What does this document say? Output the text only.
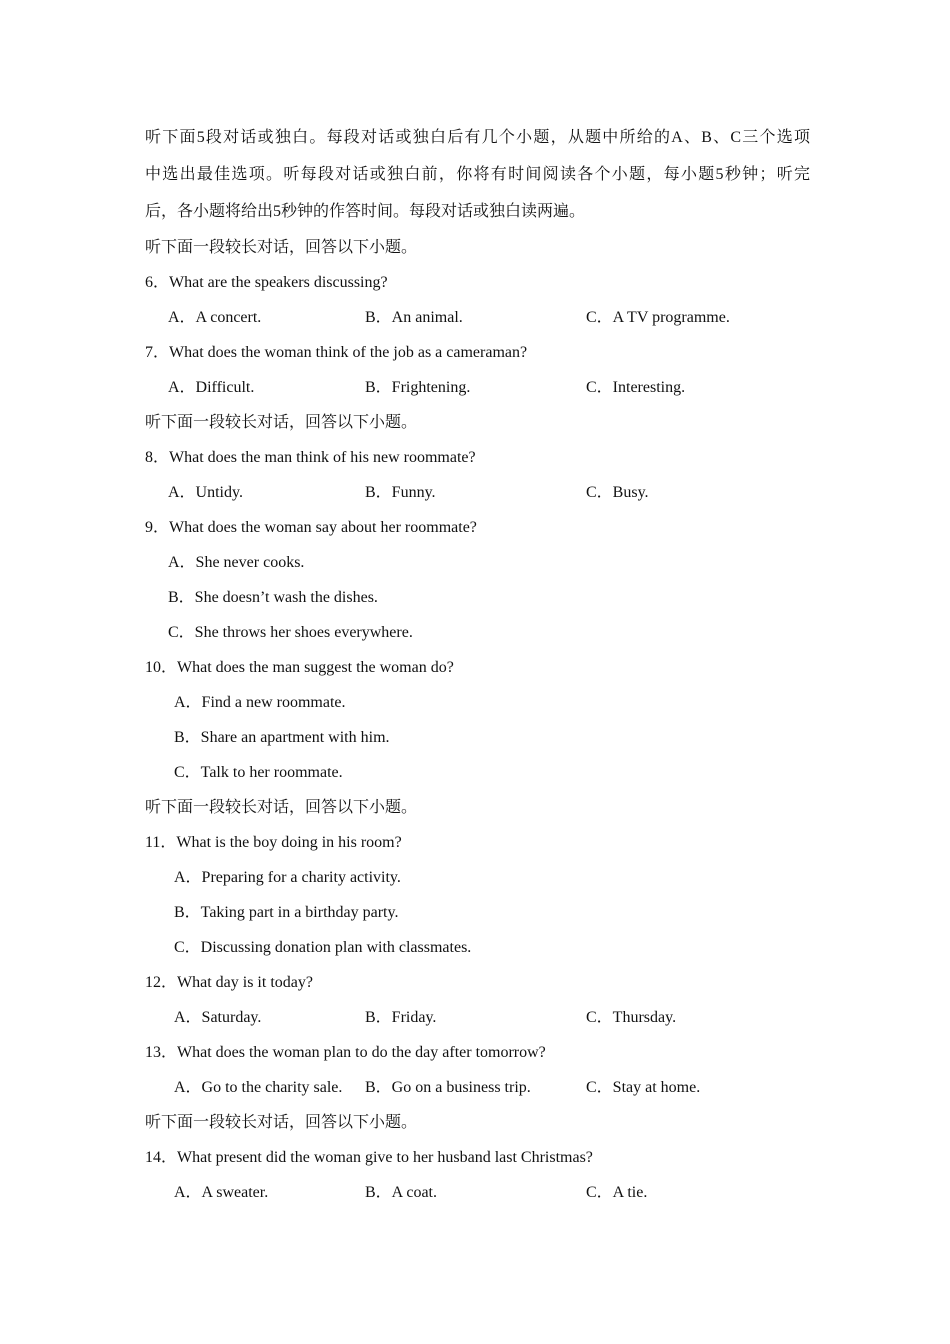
听下面5段对话或独白。每段对话或独白后有几个小题，从题中所给的A、B、C三个选项
中选出最佳选项。听每段对话或独白前，你将有时间阅读各个小题，每小题5秒钟；听完
后，各小题将给出5秒钟的作答时间。每段对话或独白读两遍。
听下面一段较长对话，回答以下小题。
6．What are the speakers discussing?
A．A concert.	B．An animal.	C．A TV programme.
7．What does the woman think of the job as a cameraman?
A．Difficult.	B．Frightening.	C．Interesting.
听下面一段较长对话，回答以下小题。
8．What does the man think of his new roommate?
A．Untidy.	B．Funny.	C．Busy.
9．What does the woman say about her roommate?
A．She never cooks.
B．She doesn’t wash the dishes.
C．She throws her shoes everywhere.
10．What does the man suggest the woman do?
A．Find a new roommate.
B．Share an apartment with him.
C．Talk to her roommate.
听下面一段较长对话，回答以下小题。
11．What is the boy doing in his room?
A．Preparing for a charity activity.
B．Taking part in a birthday party.
C．Discussing donation plan with classmates.
12．What day is it today?
A．Saturday.	B．Friday.	C．Thursday.
13．What does the woman plan to do the day after tomorrow?
A．Go to the charity sale. B．Go on a business trip.	C．Stay at home.
听下面一段较长对话，回答以下小题。
14．What present did the woman give to her husband last Christmas?
A．A sweater.	B．A coat.	C．A tie.
